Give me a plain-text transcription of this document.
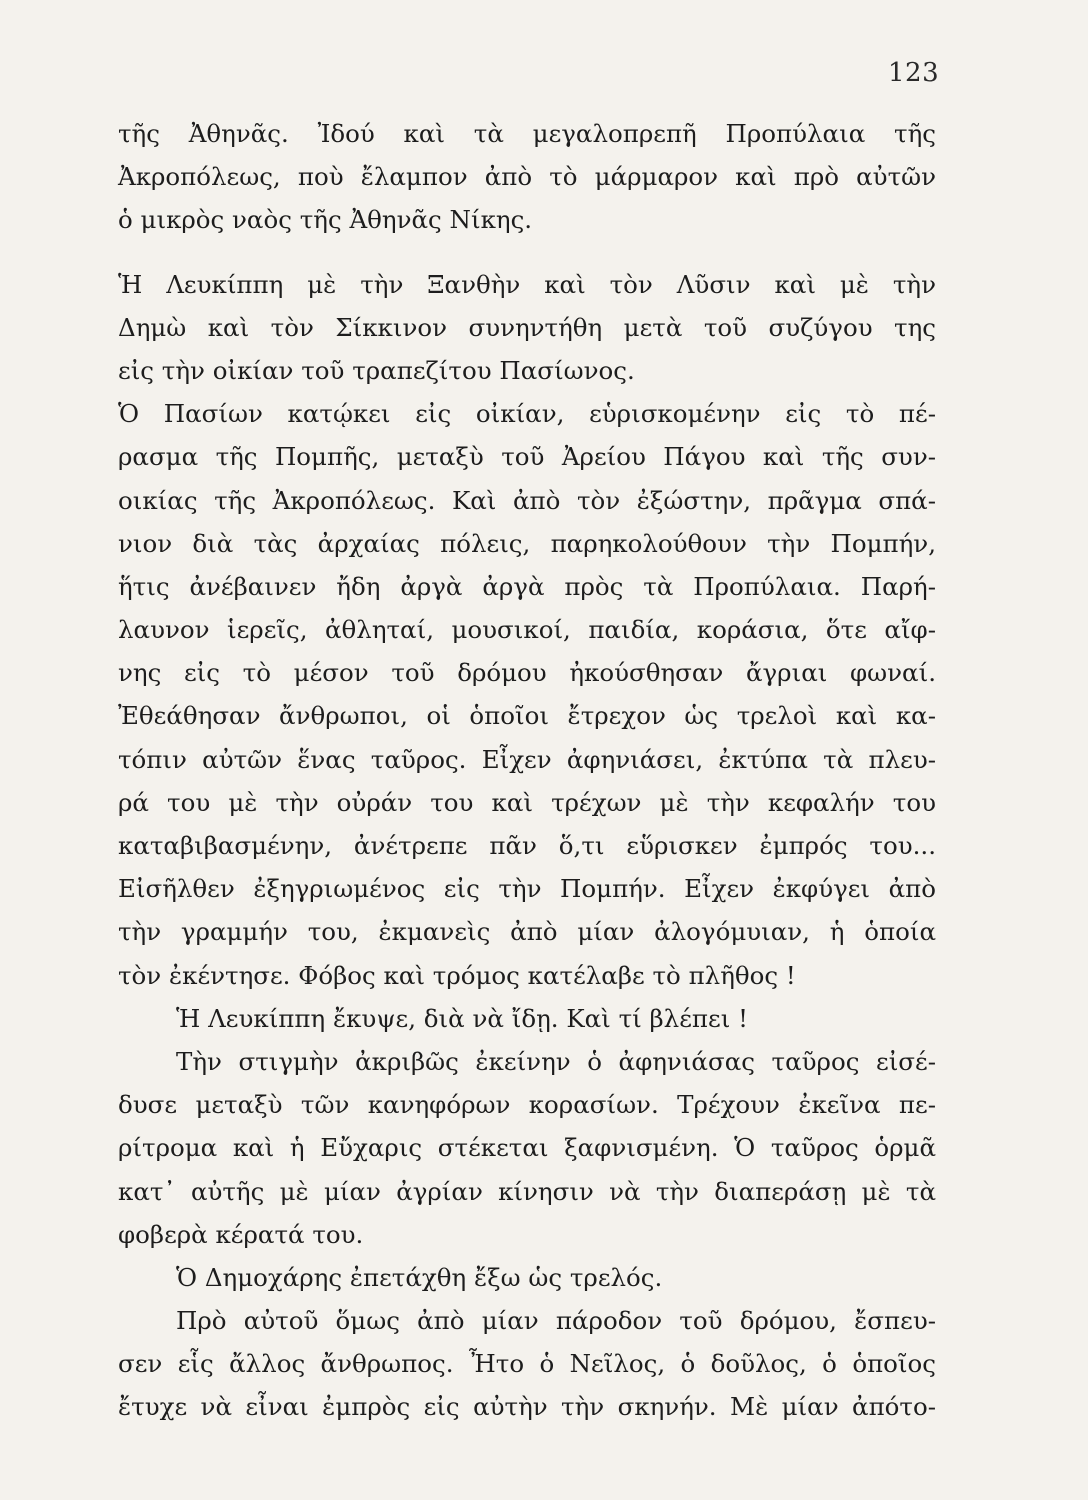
123
τῆς Ἀθηνᾶς. Ἰδού καὶ τὰ μεγαλοπρεπῆ Προπύλαια τῆς
Ἀκροπόλεως, ποὺ ἔλαμπον ἀπὸ τὸ μάρμαρον καὶ πρὸ αὐτῶν
ὁ μικρὸς ναὸς τῆς Ἀθηνᾶς Νίκης.
Ἡ Λευκίππη μὲ τὴν Ξανθὴν καὶ τὸν Λῦσιν καὶ μὲ τὴν
Δημὼ καὶ τὸν Σίκκινον συνηντήθη μετὰ τοῦ συζύγου της
εἰς τὴν οἰκίαν τοῦ τραπεζίτου Πασίωνος.
Ὁ Πασίων κατῴκει εἰς οἰκίαν, εὑρισκομένην εἰς τὸ πέ-
ρασμα τῆς Πομπῆς, μεταξὺ τοῦ Ἀρείου Πάγου καὶ τῆς συν-
οικίας τῆς Ἀκροπόλεως. Καὶ ἀπὸ τὸν ἐξώστην, πρᾶγμα σπά-
νιον διὰ τὰς ἀρχαίας πόλεις, παρηκολούθουν τὴν Πομπήν,
ἥτις ἀνέβαινεν ἤδη ἀργὰ ἀργὰ πρὸς τὰ Προπύλαια. Παρή-
λαυνον ἱερεῖς, ἀθληταί, μουσικοί, παιδία, κοράσια, ὅτε αἴφ-
νης εἰς τὸ μέσον τοῦ δρόμου ἠκούσθησαν ἄγριαι φωναί.
Ἐθεάθησαν ἄνθρωποι, οἱ ὁποῖοι ἔτρεχον ὡς τρελοὶ καὶ κα-
τόπιν αὐτῶν ἕνας ταῦρος. Εἶχεν ἀφηνιάσει, ἐκτύπα τὰ πλευ-
ρά του μὲ τὴν οὐράν του καὶ τρέχων μὲ τὴν κεφαλήν του
καταβιβασμένην, ἀνέτρεπε πᾶν ὅ,τι εὕρισκεν ἐμπρός του...
Εἰσῆλθεν ἐξηγριωμένος εἰς τὴν Πομπήν. Εἶχεν ἐκφύγει ἀπὸ
τὴν γραμμήν του, ἐκμανεὶς ἀπὸ μίαν ἀλογόμυιαν, ἡ ὁποία
τὸν ἐκέντησε. Φόβος καὶ τρόμος κατέλαβε τὸ πλῆθος !
Ἡ Λευκίππη ἔκυψε, διὰ νὰ ἴδῃ. Καὶ τί βλέπει !
Τὴν στιγμὴν ἀκριβῶς ἐκείνην ὁ ἀφηνιάσας ταῦρος εἰσέ-
δυσε μεταξὺ τῶν κανηφόρων κορασίων. Τρέχουν ἐκεῖνα πε-
ρίτρομα καὶ ἡ Εὔχαρις στέκεται ξαφνισμένη. Ὁ ταῦρος ὁρμᾶ
κατ᾽ αὐτῆς μὲ μίαν ἀγρίαν κίνησιν νὰ τὴν διαπεράσῃ μὲ τὰ
φοβερὰ κέρατά του.
Ὁ Δημοχάρης ἐπετάχθη ἔξω ὡς τρελός.
Πρὸ αὐτοῦ ὅμως ἀπὸ μίαν πάροδον τοῦ δρόμου, ἔσπευ-
σεν εἷς ἄλλος ἄνθρωπος. Ἦτο ὁ Νεῖλος, ὁ δοῦλος, ὁ ὁποῖος
ἔτυχε νὰ εἶναι ἐμπρὸς εἰς αὐτὴν τὴν σκηνήν. Μὲ μίαν ἀπότο-
